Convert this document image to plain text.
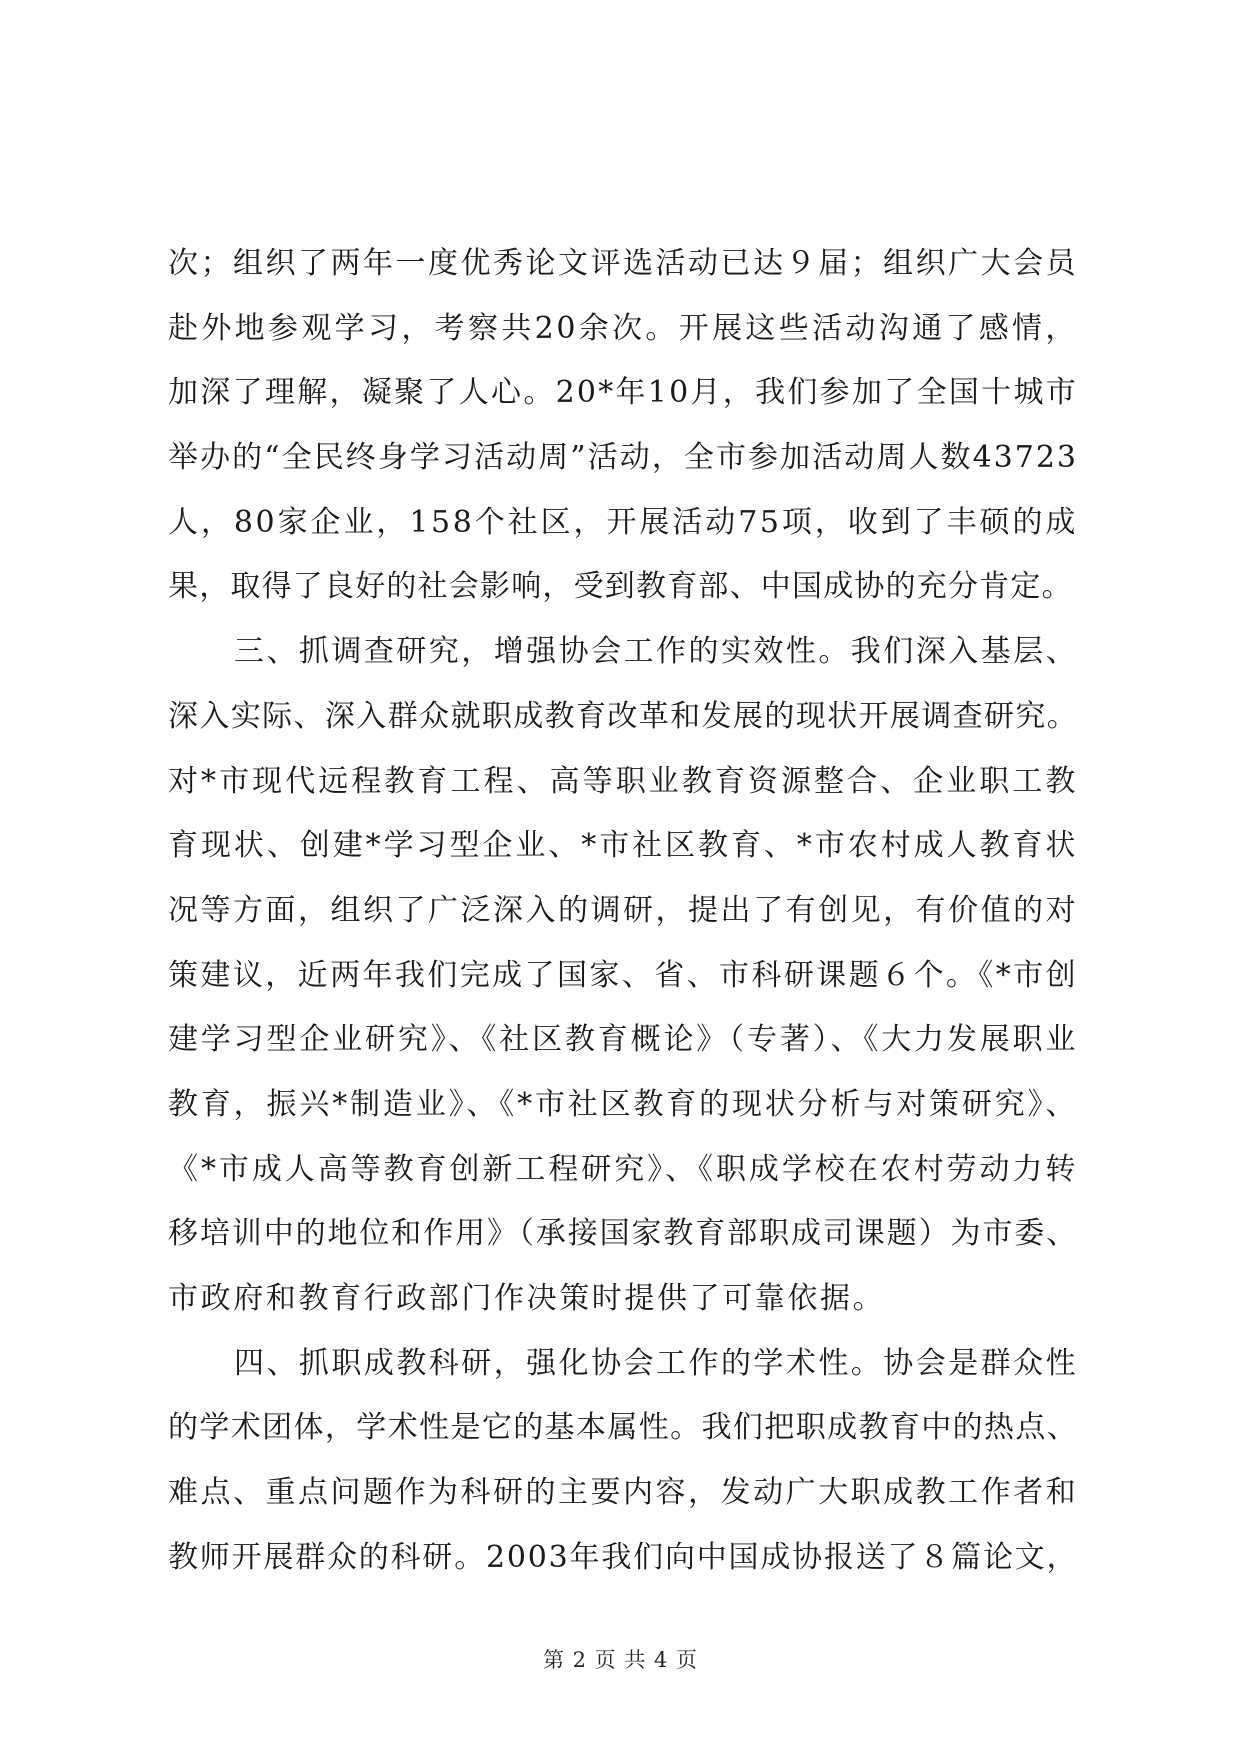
次；组织了两年一度优秀论文评选活动已达９届；组织广大会员
赴外地参观学习，考察共20余次。开展这些活动沟通了感情，
加深了理解，凝聚了人心。20*年10月，我们参加了全国十城市
举办的“全民终身学习活动周”活动，全市参加活动周人数43723
人，80家企业，158个社区，开展活动75项，收到了丰硕的成
果，取得了良好的社会影响，受到教育部、中国成协的充分肯定。
三、抓调查研究，增强协会工作的实效性。我们深入基层、
深入实际、深入群众就职成教育改革和发展的现状开展调查研究。
对*市现代远程教育工程、高等职业教育资源整合、企业职工教
育现状、创建*学习型企业、*市社区教育、*市农村成人教育状
况等方面，组织了广泛深入的调研，提出了有创见，有价值的对
策建议，近两年我们完成了国家、省、市科研课题６个。《*市创
建学习型企业研究》、《社区教育概论》（专著）、《大力发展职业
教育，振兴*制造业》、《*市社区教育的现状分析与对策研究》、
《*市成人高等教育创新工程研究》、《职成学校在农村劳动力转
移培训中的地位和作用》（承接国家教育部职成司课题）为市委、
市政府和教育行政部门作决策时提供了可靠依据。
四、抓职成教科研，强化协会工作的学术性。协会是群众性
的学术团体，学术性是它的基本属性。我们把职成教育中的热点、
难点、重点问题作为科研的主要内容，发动广大职成教工作者和
教师开展群众的科研。2003年我们向中国成协报送了８篇论文，
第 2 页 共 4 页
